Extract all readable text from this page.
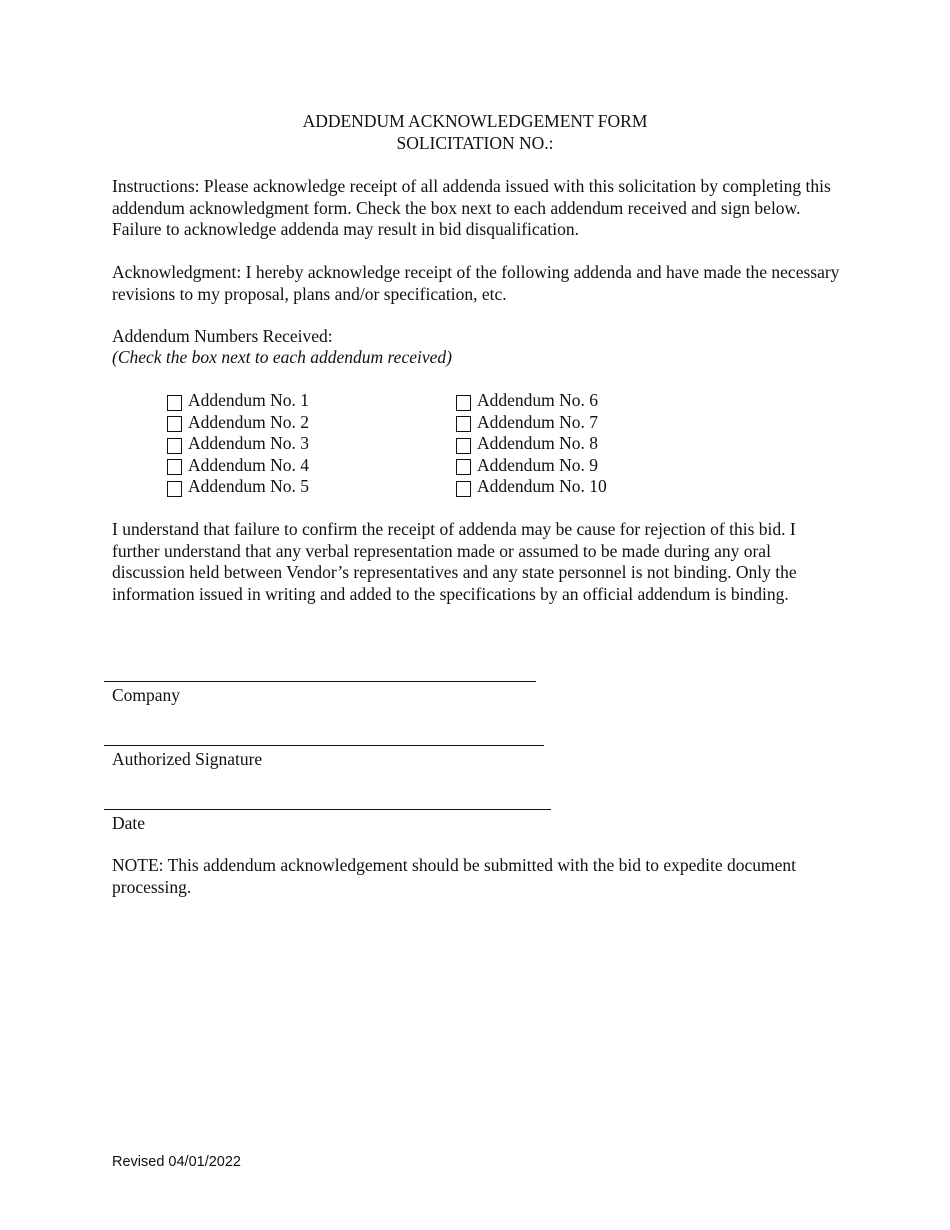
ADDENDUM ACKNOWLEDGEMENT FORM
SOLICITATION NO.:
Instructions: Please acknowledge receipt of all addenda issued with this solicitation by completing this addendum acknowledgment form. Check the box next to each addendum received and sign below. Failure to acknowledge addenda may result in bid disqualification.
Acknowledgment: I hereby acknowledge receipt of the following addenda and have made the necessary revisions to my proposal, plans and/or specification, etc.
Addendum Numbers Received:
(Check the box next to each addendum received)
Addendum No. 1
Addendum No. 2
Addendum No. 3
Addendum No. 4
Addendum No. 5
Addendum No. 6
Addendum No. 7
Addendum No. 8
Addendum No. 9
Addendum No. 10
I understand that failure to confirm the receipt of addenda may be cause for rejection of this bid. I further understand that any verbal representation made or assumed to be made during any oral discussion held between Vendor’s representatives and any state personnel is not binding. Only the information issued in writing and added to the specifications by an official addendum is binding.
Company
Authorized Signature
Date
NOTE: This addendum acknowledgement should be submitted with the bid to expedite document processing.
Revised 04/01/2022
